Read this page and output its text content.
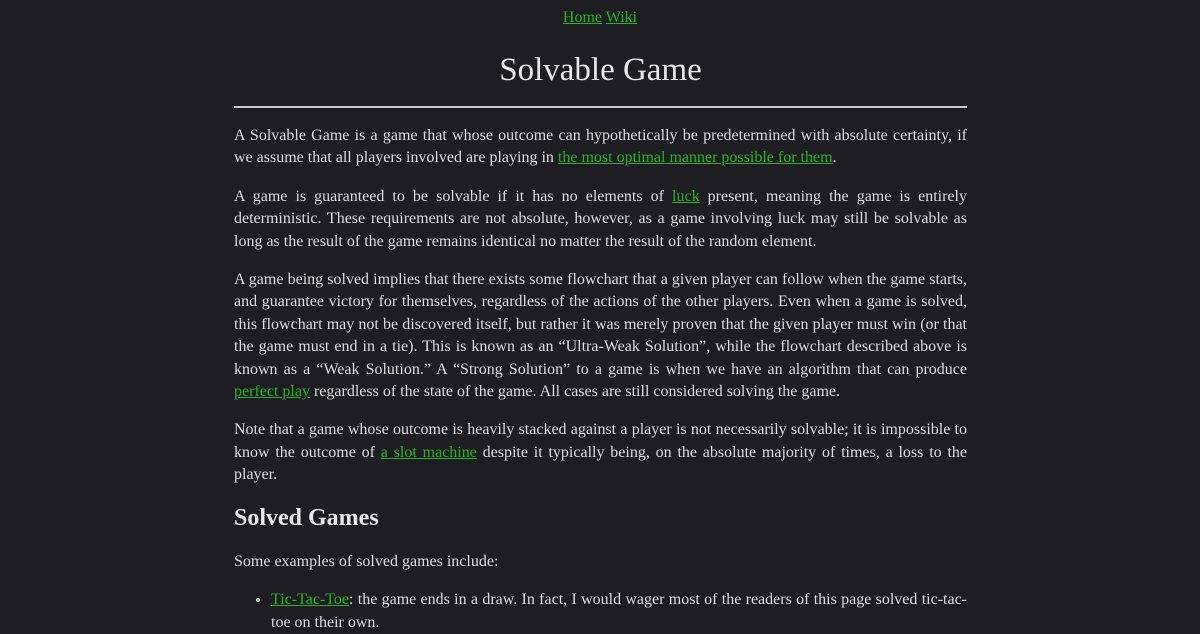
Home Wiki
Solvable Game

A Solvable Game is a game that whose outcome can hypothetically be predetermined with absolute certainty, if we assume that all players involved are playing in the most optimal manner possible for them.

A game is guaranteed to be solvable if it has no elements of luck present, meaning the game is entirely deterministic. These requirements are not absolute, however, as a game involving luck may still be solvable as long as the result of the game remains identical no matter the result of the random element.

A game being solved implies that there exists some flowchart that a given player can follow when the game starts, and guarantee victory for themselves, regardless of the actions of the other players. Even when a game is solved, this flowchart may not be discovered itself, but rather it was merely proven that the given player must win (or that the game must end in a tie). This is known as an “Ultra-Weak Solution”, while the flowchart described above is known as a “Weak Solution.” A “Strong Solution” to a game is when we have an algorithm that can produce perfect play regardless of the state of the game. All cases are still considered solving the game.

Note that a game whose outcome is heavily stacked against a player is not necessarily solvable; it is impossible to know the outcome of a slot machine despite it typically being, on the absolute majority of times, a loss to the player.

Solved Games

Some examples of solved games include:

• Tic-Tac-Toe: the game ends in a draw. In fact, I would wager most of the readers of this page solved tic-tac-toe on their own.
